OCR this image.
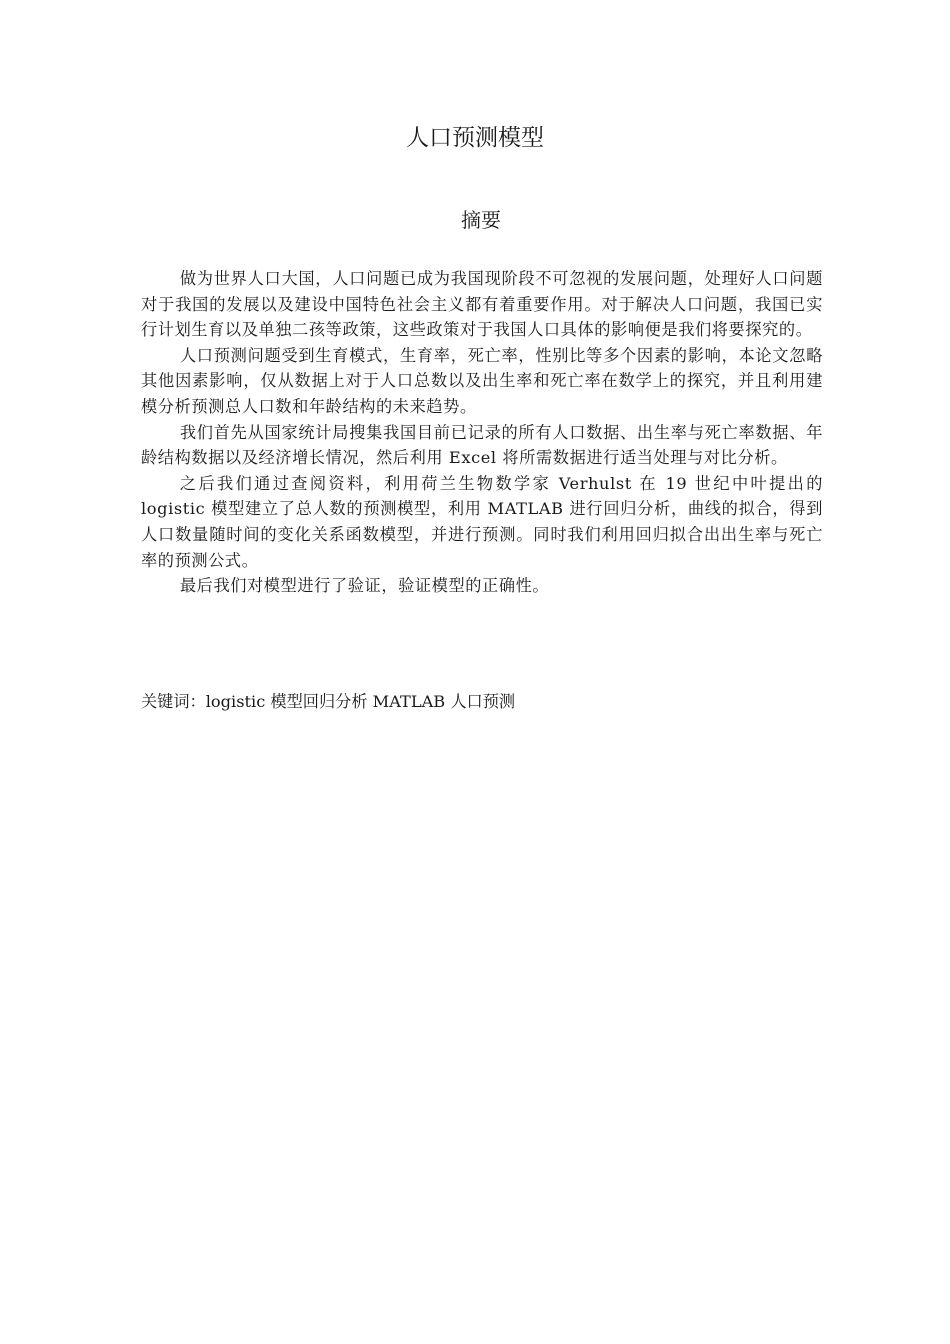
人口预测模型
摘要

做为世界人口大国，人口问题已成为我国现阶段不可忽视的发展问题，处理好人口问题对于我国的发展以及建设中国特色社会主义都有着重要作用。对于解决人口问题，我国已实行计划生育以及单独二孩等政策，这些政策对于我国人口具体的影响便是我们将要探究的。

人口预测问题受到生育模式，生育率，死亡率，性别比等多个因素的影响，本论文忽略其他因素影响，仅从数据上对于人口总数以及出生率和死亡率在数学上的探究，并且利用建模分析预测总人口数和年龄结构的未来趋势。

我们首先从国家统计局搜集我国目前已记录的所有人口数据、出生率与死亡率数据、年龄结构数据以及经济增长情况，然后利用 Excel 将所需数据进行适当处理与对比分析。

之后我们通过查阅资料，利用荷兰生物数学家 Verhulst 在 19 世纪中叶提出的 logistic 模型建立了总人数的预测模型，利用 MATLAB 进行回归分析，曲线的拟合，得到人口数量随时间的变化关系函数模型，并进行预测。同时我们利用回归拟合出出生率与死亡率的预测公式。

最后我们对模型进行了验证，验证模型的正确性。

关键词：logistic 模型回归分析 MATLAB 人口预测
